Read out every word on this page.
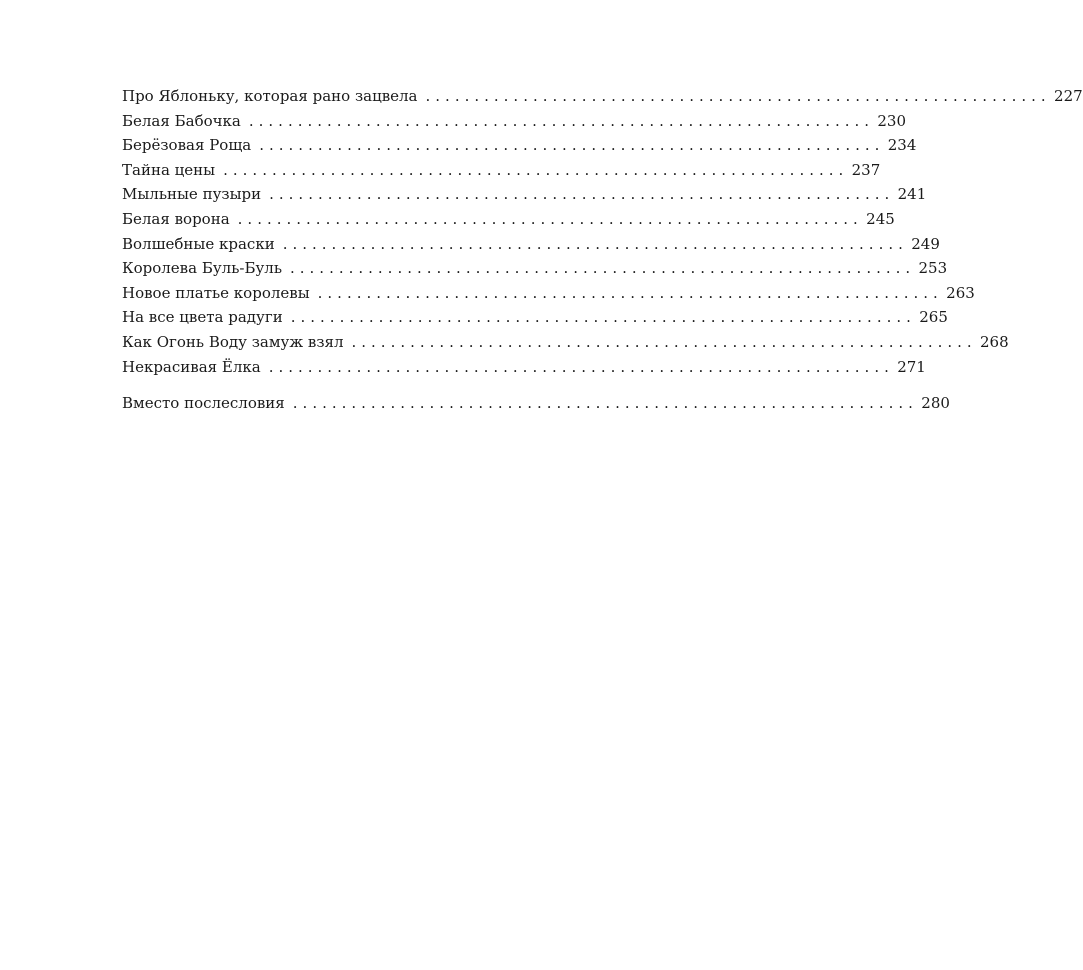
Про Яблоньку, которая рано зацвела ................................................................ 227
Белая Бабочка ................................................................ 230
Берёзовая Роща ................................................................ 234
Тайна цены ................................................................ 237
Мыльные пузыри ................................................................ 241
Белая ворона ................................................................ 245
Волшебные краски ................................................................ 249
Королева Буль-Буль ................................................................ 253
Новое платье королевы ................................................................ 263
На все цвета радуги ................................................................ 265
Как Огонь Воду замуж взял ................................................................ 268
Некрасивая Ёлка ................................................................ 271
Вместо послесловия ................................................................ 280
